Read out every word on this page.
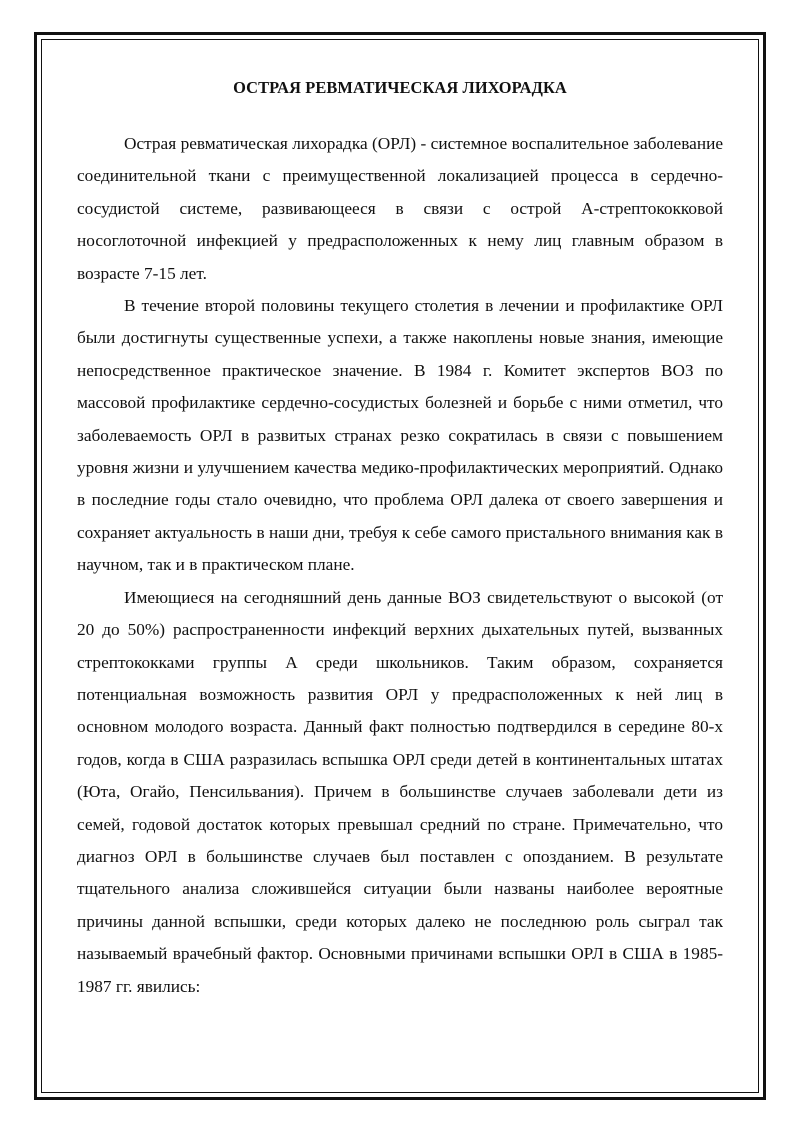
ОСТРАЯ РЕВМАТИЧЕСКАЯ ЛИХОРАДКА

Острая ревматическая лихорадка (ОРЛ) - системное воспалительное заболевание соединительной ткани с преимущественной локализацией процесса в сердечно-сосудистой системе, развивающееся в связи с острой А-стрептококковой носоглоточной инфекцией у предрасположенных к нему лиц главным образом в возрасте 7-15 лет.

В течение второй половины текущего столетия в лечении и профилактике ОРЛ были достигнуты существенные успехи, а также накоплены новые знания, имеющие непосредственное практическое значение. В 1984 г. Комитет экспертов ВОЗ по массовой профилактике сердечно-сосудистых болезней и борьбе с ними отметил, что заболеваемость ОРЛ в развитых странах резко сократилась в связи с повышением уровня жизни и улучшением качества медико-профилактических мероприятий. Однако в последние годы стало очевидно, что проблема ОРЛ далека от своего завершения и сохраняет актуальность в наши дни, требуя к себе самого пристального внимания как в научном, так и в практическом плане.

Имеющиеся на сегодняшний день данные ВОЗ свидетельствуют о высокой (от 20 до 50%) распространенности инфекций верхних дыхательных путей, вызванных стрептококками группы А среди школьников. Таким образом, сохраняется потенциальная возможность развития ОРЛ у предрасположенных к ней лиц в основном молодого возраста. Данный факт полностью подтвердился в середине 80-х годов, когда в США разразилась вспышка ОРЛ среди детей в континентальных штатах (Юта, Огайо, Пенсильвания). Причем в большинстве случаев заболевали дети из семей, годовой достаток которых превышал средний по стране. Примечательно, что диагноз ОРЛ в большинстве случаев был поставлен с опозданием. В результате тщательного анализа сложившейся ситуации были названы наиболее вероятные причины данной вспышки, среди которых далеко не последнюю роль сыграл так называемый врачебный фактор. Основными причинами вспышки ОРЛ в США в 1985-1987 гг. явились:
